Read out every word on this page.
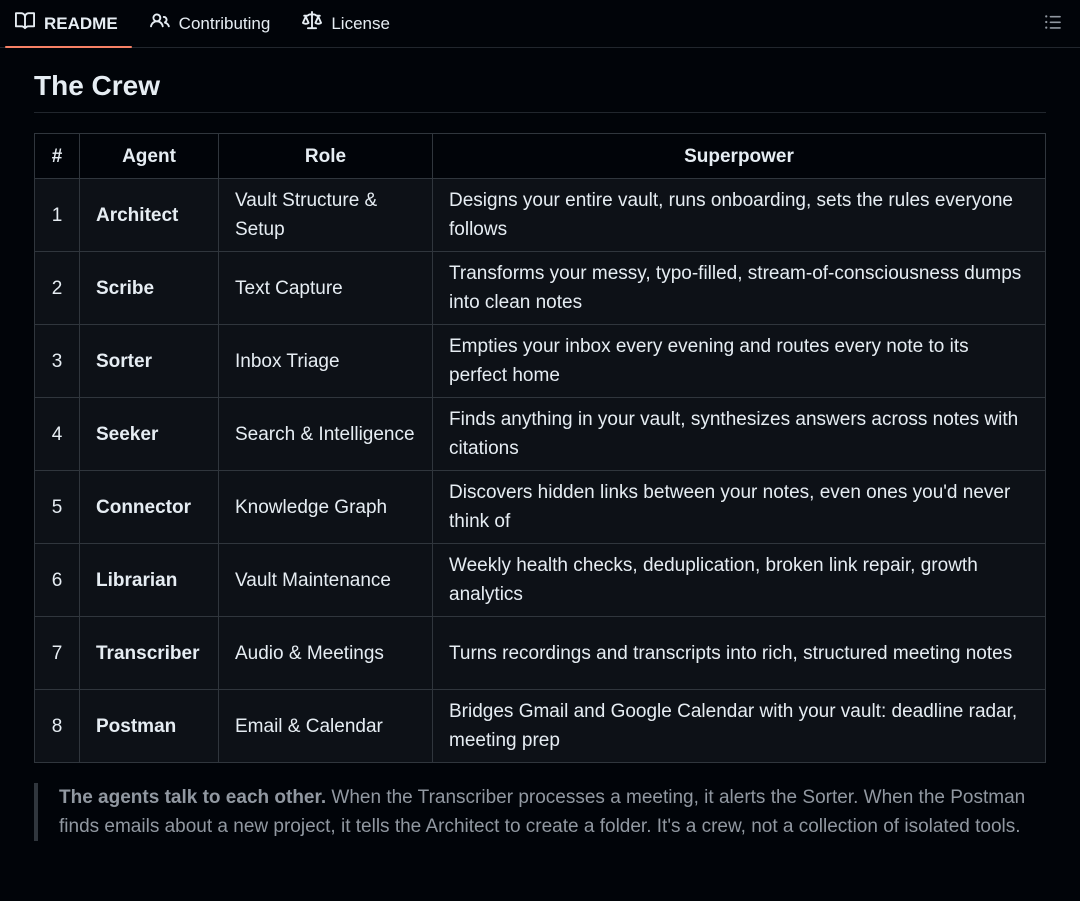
README	Contributing	License
The Crew
#	Agent	Role	Superpower
1	Architect	Vault Structure & Setup	Designs your entire vault, runs onboarding, sets the rules everyone follows
2	Scribe	Text Capture	Transforms your messy, typo-filled, stream-of-consciousness dumps into clean notes
3	Sorter	Inbox Triage	Empties your inbox every evening and routes every note to its perfect home
4	Seeker	Search & Intelligence	Finds anything in your vault, synthesizes answers across notes with citations
5	Connector	Knowledge Graph	Discovers hidden links between your notes, even ones you'd never think of
6	Librarian	Vault Maintenance	Weekly health checks, deduplication, broken link repair, growth analytics
7	Transcriber	Audio & Meetings	Turns recordings and transcripts into rich, structured meeting notes
8	Postman	Email & Calendar	Bridges Gmail and Google Calendar with your vault: deadline radar, meeting prep
The agents talk to each other. When the Transcriber processes a meeting, it alerts the Sorter. When the Postman finds emails about a new project, it tells the Architect to create a folder. It's a crew, not a collection of isolated tools.
